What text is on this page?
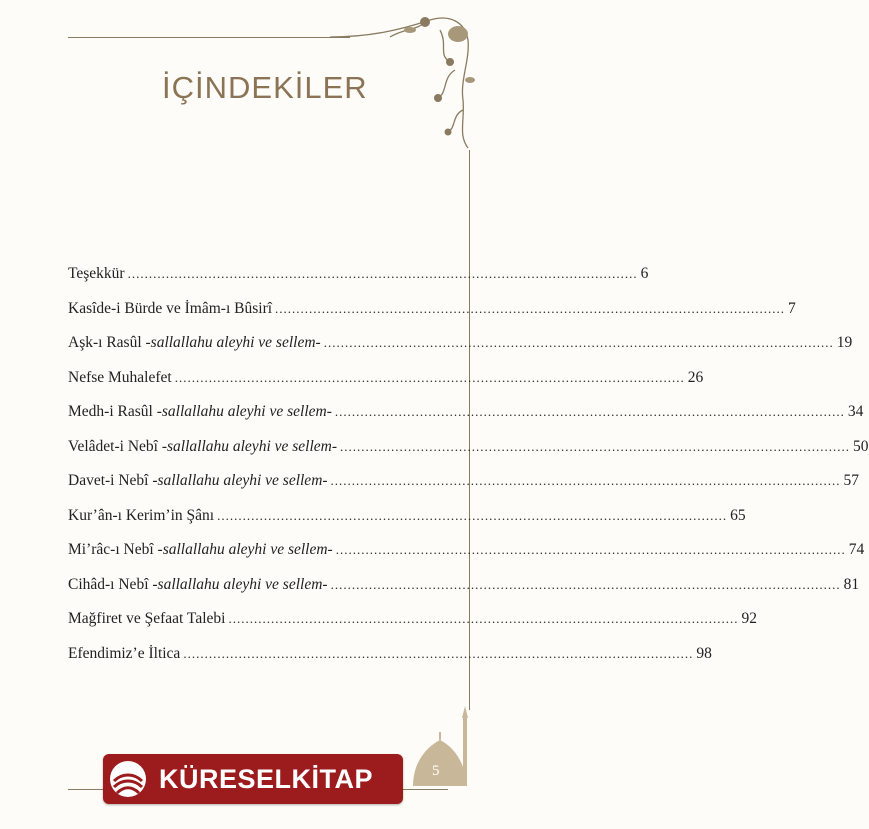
İÇİNDEKİLER
Teşekkür ........................................................................................................................ 6
Kasîde-i Bürde ve İmâm-ı Bûsirî ........................................................................................................................ 7
Aşk-ı Rasûl -sallallahu aleyhi ve sellem- ........................................................................................................................ 19
Nefse Muhalefet ........................................................................................................................ 26
Medh-i Rasûl -sallallahu aleyhi ve sellem- ........................................................................................................................ 34
Velâdet-i Nebî -sallallahu aleyhi ve sellem- ........................................................................................................................ 50
Davet-i Nebî -sallallahu aleyhi ve sellem- ........................................................................................................................ 57
Kur’ân-ı Kerim’in Şânı ........................................................................................................................ 65
Mi’râc-ı Nebî -sallallahu aleyhi ve sellem- ........................................................................................................................ 74
Cihâd-ı Nebî -sallallahu aleyhi ve sellem- ........................................................................................................................ 81
Mağfiret ve Şefaat Talebi ........................................................................................................................ 92
Efendimiz’e İltica ........................................................................................................................ 98
KÜRESELKİTAP	5
